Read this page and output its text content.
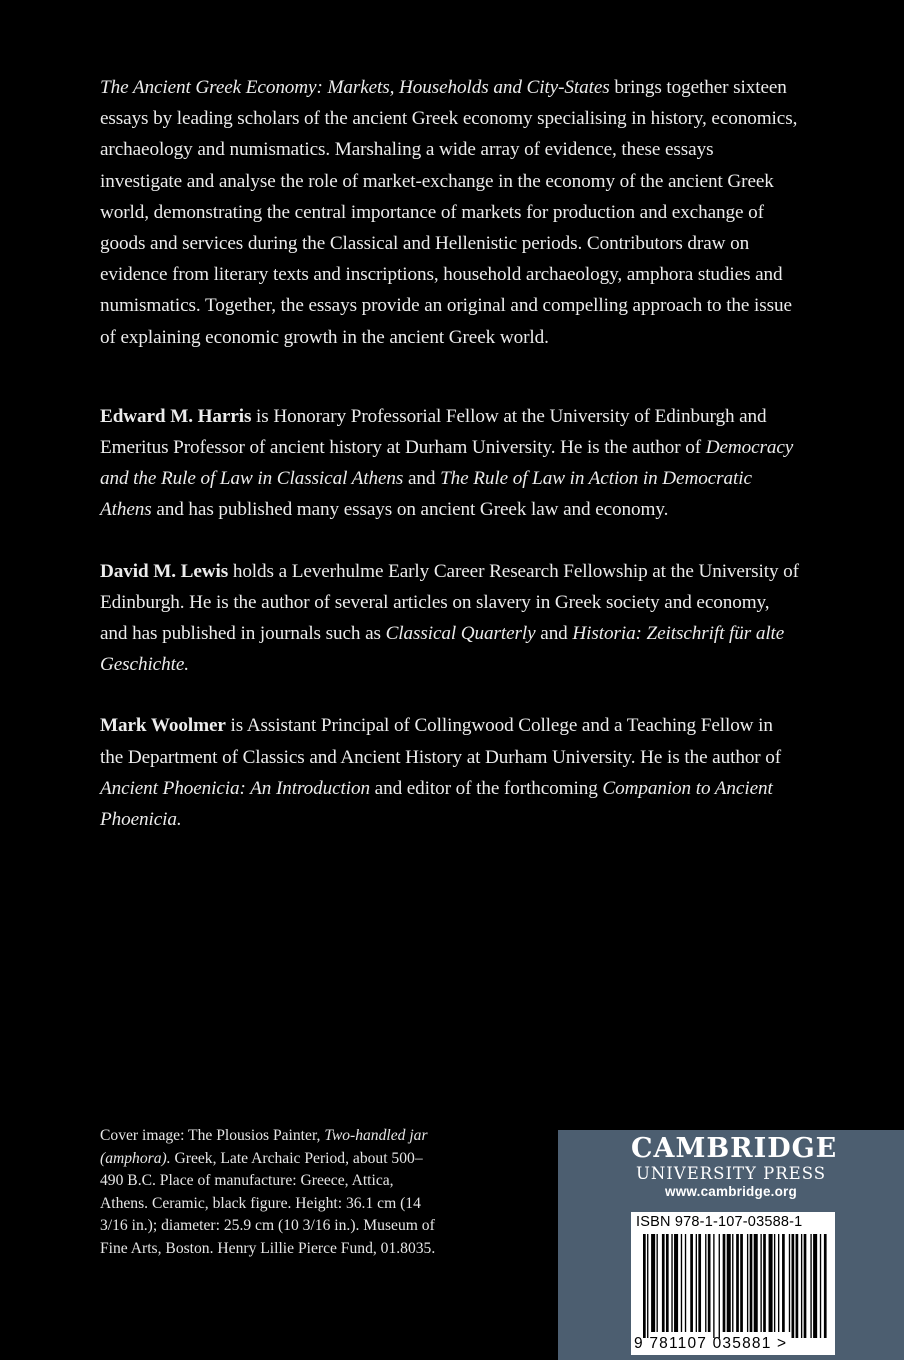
The Ancient Greek Economy: Markets, Households and City-States brings together sixteen essays by leading scholars of the ancient Greek economy specialising in history, economics, archaeology and numismatics. Marshaling a wide array of evidence, these essays investigate and analyse the role of market-exchange in the economy of the ancient Greek world, demonstrating the central importance of markets for production and exchange of goods and services during the Classical and Hellenistic periods. Contributors draw on evidence from literary texts and inscriptions, household archaeology, amphora studies and numismatics. Together, the essays provide an original and compelling approach to the issue of explaining economic growth in the ancient Greek world.

Edward M. Harris is Honorary Professorial Fellow at the University of Edinburgh and Emeritus Professor of ancient history at Durham University. He is the author of Democracy and the Rule of Law in Classical Athens and The Rule of Law in Action in Democratic Athens and has published many essays on ancient Greek law and economy.

David M. Lewis holds a Leverhulme Early Career Research Fellowship at the University of Edinburgh. He is the author of several articles on slavery in Greek society and economy, and has published in journals such as Classical Quarterly and Historia: Zeitschrift für alte Geschichte.

Mark Woolmer is Assistant Principal of Collingwood College and a Teaching Fellow in the Department of Classics and Ancient History at Durham University. He is the author of Ancient Phoenicia: An Introduction and editor of the forthcoming Companion to Ancient Phoenicia.

Cover image: The Plousios Painter, Two-handled jar (amphora). Greek, Late Archaic Period, about 500–490 B.C. Place of manufacture: Greece, Attica, Athens. Ceramic, black figure. Height: 36.1 cm (14 3/16 in.); diameter: 25.9 cm (10 3/16 in.). Museum of Fine Arts, Boston. Henry Lillie Pierce Fund, 01.8035.
CAMBRIDGE
UNIVERSITY PRESS
www.cambridge.org
ISBN 978-1-107-03588-1
9 781107 035881 >
